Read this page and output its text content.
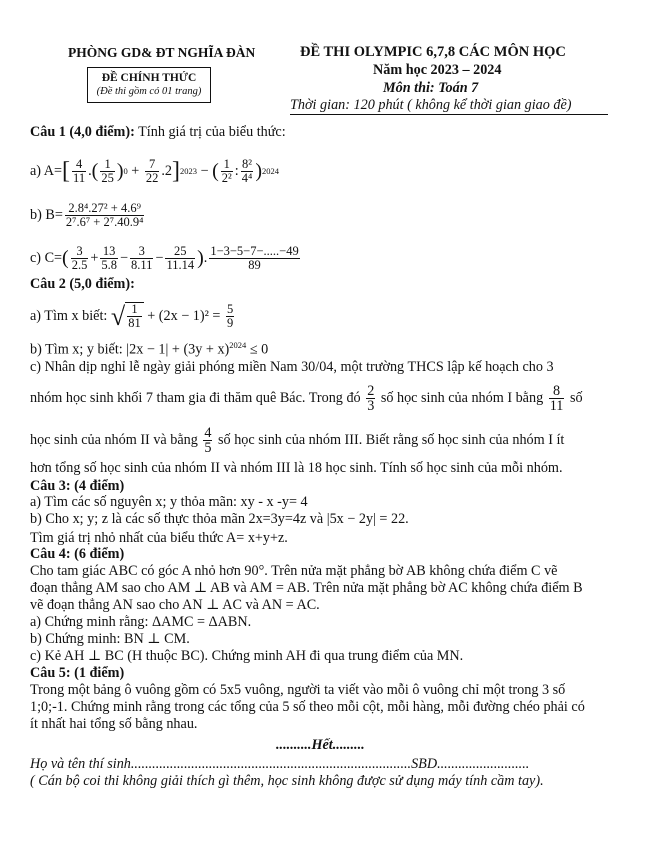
PHÒNG GD& ĐT NGHĨA ĐÀN
ĐỀ CHÍNH THỨC
(Đề thi gồm có 01 trang)
ĐỀ THI OLYMPIC 6,7,8 CÁC MÔN HỌC
Năm học 2023 – 2024
Môn thi: Toán 7
Thời gian: 120 phút ( không kể thời gian giao đề)
Câu 1 (4,0 điểm): Tính giá trị của biểu thức:
a) A= [ $\frac{4}{11}$ . ( $\frac{1}{25}$ ) $0 + \frac{7}{22} .2$ ] 2023 − ( $\frac{1}{\text{2²}}$ : $\frac{\text{8²}}{\text{4⁴}}$ ) 2024
b) $B= \frac{\text{2.8⁴.27² + 4.6⁹}}{\text{2⁷.6⁷ + 2⁷.40.9⁴}}$
c) C= ( $\frac{3}{2.5} + \frac{13}{5.8} - \frac{3}{8.11} - \frac{25}{11.14}$ ) . $\frac{1-3-5-7-.....-49}{89}$
Câu 2 (5,0 điểm):
a) Tìm x biết:
√ $\frac{1}{81} + (2x - 1)^2 = \frac{5}{9}$
b) Tìm x; y biết: $|2x - 1| + (3y + x)^{2024} \le 0$
c) Nhân dịp nghỉ lễ ngày giải phóng miền Nam 30/04, một trường THCS lập kế hoạch cho 3
nhóm học sinh khối 7 tham gia đi thăm quê Bác. Trong đó
$\frac{2}{3}$
số học sinh của nhóm I bằng
$\frac{8}{11}$
số
học sinh của nhóm II và bằng
$\frac{4}{5}$
số học sinh của nhóm III. Biết rằng số học sinh của nhóm I ít
hơn tổng số học sinh của nhóm II và nhóm III là 18 học sinh. Tính số học sinh của mỗi nhóm.
Câu 3: (4 điểm)
a) Tìm các số nguyên x; y thỏa mãn: xy - x -y= 4
b) Cho x; y; z là các số thực thỏa mãn 2x=3y=4z và |5x − 2y| = 22.
Tìm giá trị nhỏ nhất của biểu thức A= x+y+z.
Câu 4: (6 điểm)
Cho tam giác ABC có góc A nhỏ hơn 90°. Trên nửa mặt phẳng bờ AB không chứa điểm C vẽ
đoạn thẳng AM sao cho AM ⊥ AB và AM = AB. Trên nửa mặt phẳng bờ AC không chứa điểm B
vẽ đoạn thẳng AN sao cho AN ⊥ AC và AN = AC.
a) Chứng minh rằng: ΔAMC = ΔABN.
b) Chứng minh: BN ⊥ CM.
c) Kẻ AH ⊥ BC (H thuộc BC). Chứng minh AH đi qua trung điểm của MN.
Câu 5: (1 điểm)
Trong một bảng ô vuông gồm có 5x5 vuông, người ta viết vào mỗi ô vuông chỉ một trong 3 số
1;0;-1. Chứng minh rằng trong các tổng của 5 số theo mỗi cột, mỗi hàng, mỗi đường chéo phải có
ít nhất hai tổng số bằng nhau.
..........Hết.........
Họ và tên thí sinh...............................................................................SBD..........................
( Cán bộ coi thi không giải thích gì thêm, học sinh không được sử dụng máy tính cầm tay).
